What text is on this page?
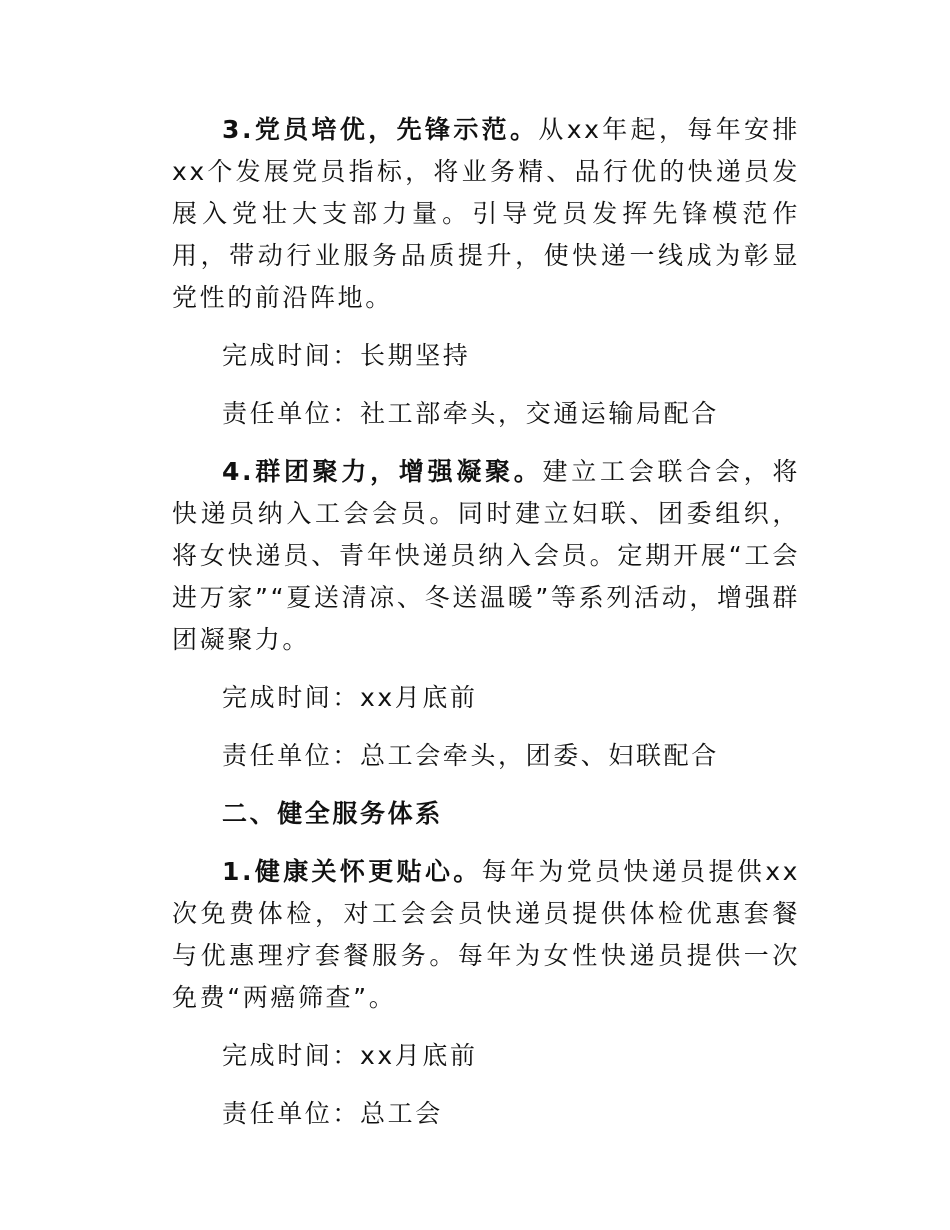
3.党员培优，先锋示范。从xx年起，每年安排xx个发展党员指标，将业务精、品行优的快递员发展入党壮大支部力量。引导党员发挥先锋模范作用，带动行业服务品质提升，使快递一线成为彰显党性的前沿阵地。

完成时间：长期坚持

责任单位：社工部牵头，交通运输局配合

4.群团聚力，增强凝聚。建立工会联合会，将快递员纳入工会会员。同时建立妇联、团委组织，将女快递员、青年快递员纳入会员。定期开展“工会进万家”“夏送清凉、冬送温暖”等系列活动，增强群团凝聚力。

完成时间：xx月底前

责任单位：总工会牵头，团委、妇联配合

二、健全服务体系

1.健康关怀更贴心。每年为党员快递员提供xx次免费体检，对工会会员快递员提供体检优惠套餐与优惠理疗套餐服务。每年为女性快递员提供一次免费“两癌筛查”。

完成时间：xx月底前

责任单位：总工会
